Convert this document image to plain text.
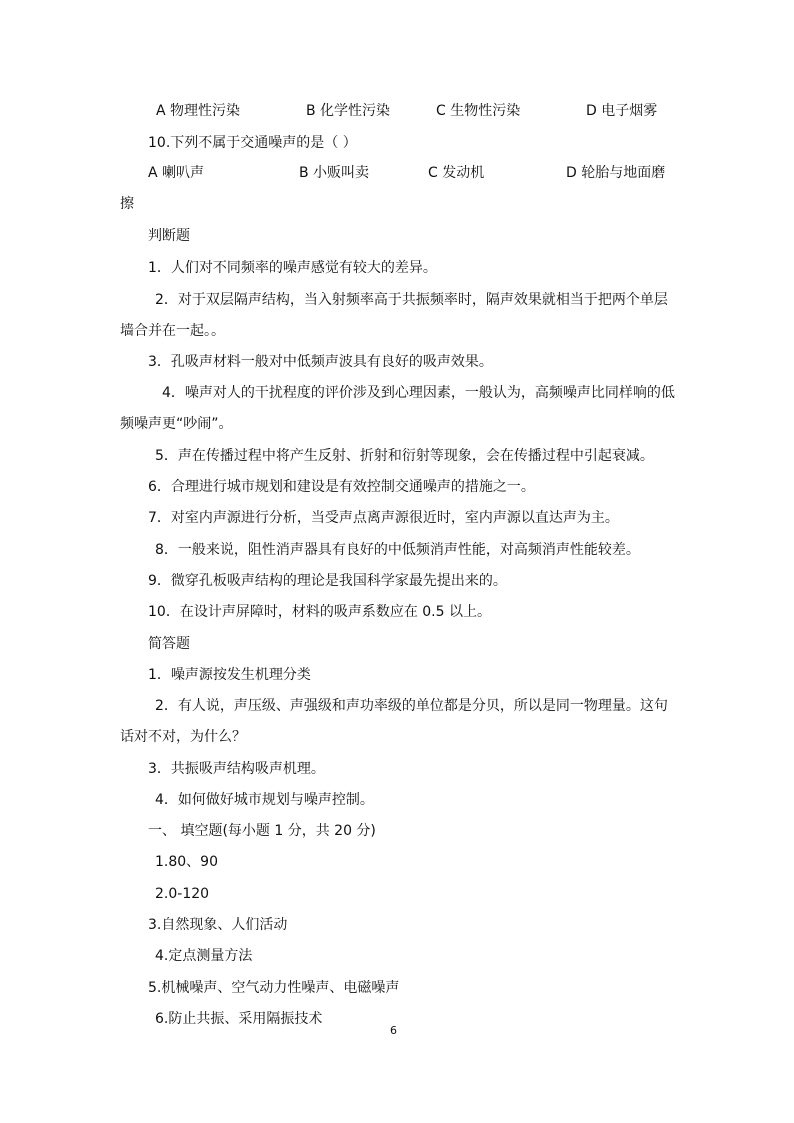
A 物理性污染	B 化学性污染	C 生物性污染	D 电子烟雾
10.下列不属于交通噪声的是（ ）
A 喇叭声	B 小贩叫卖	C 发动机	D 轮胎与地面磨
擦
判断题
1．人们对不同频率的噪声感觉有较大的差异。
2．对于双层隔声结构，当入射频率高于共振频率时，隔声效果就相当于把两个单层
墙合并在一起。。
3．孔吸声材料一般对中低频声波具有良好的吸声效果。
4．噪声对人的干扰程度的评价涉及到心理因素，一般认为，高频噪声比同样响的低
频噪声更“吵闹”。
5．声在传播过程中将产生反射、折射和衍射等现象，会在传播过程中引起衰减。
6．合理进行城市规划和建设是有效控制交通噪声的措施之一。
7．对室内声源进行分析，当受声点离声源很近时，室内声源以直达声为主。
8．一般来说，阻性消声器具有良好的中低频消声性能，对高频消声性能较差。
9．微穿孔板吸声结构的理论是我国科学家最先提出来的。
10．在设计声屏障时，材料的吸声系数应在 0.5 以上。
简答题
1．噪声源按发生机理分类
2．有人说，声压级、声强级和声功率级的单位都是分贝，所以是同一物理量。这句
话对不对，为什么？
3．共振吸声结构吸声机理。
4．如何做好城市规划与噪声控制。
一、 填空题(每小题 1 分，共 20 分)
1.80、90
2.0-120
3.自然现象、人们活动
4.定点测量方法
5.机械噪声、空气动力性噪声、电磁噪声
6.防止共振、采用隔振技术
6
